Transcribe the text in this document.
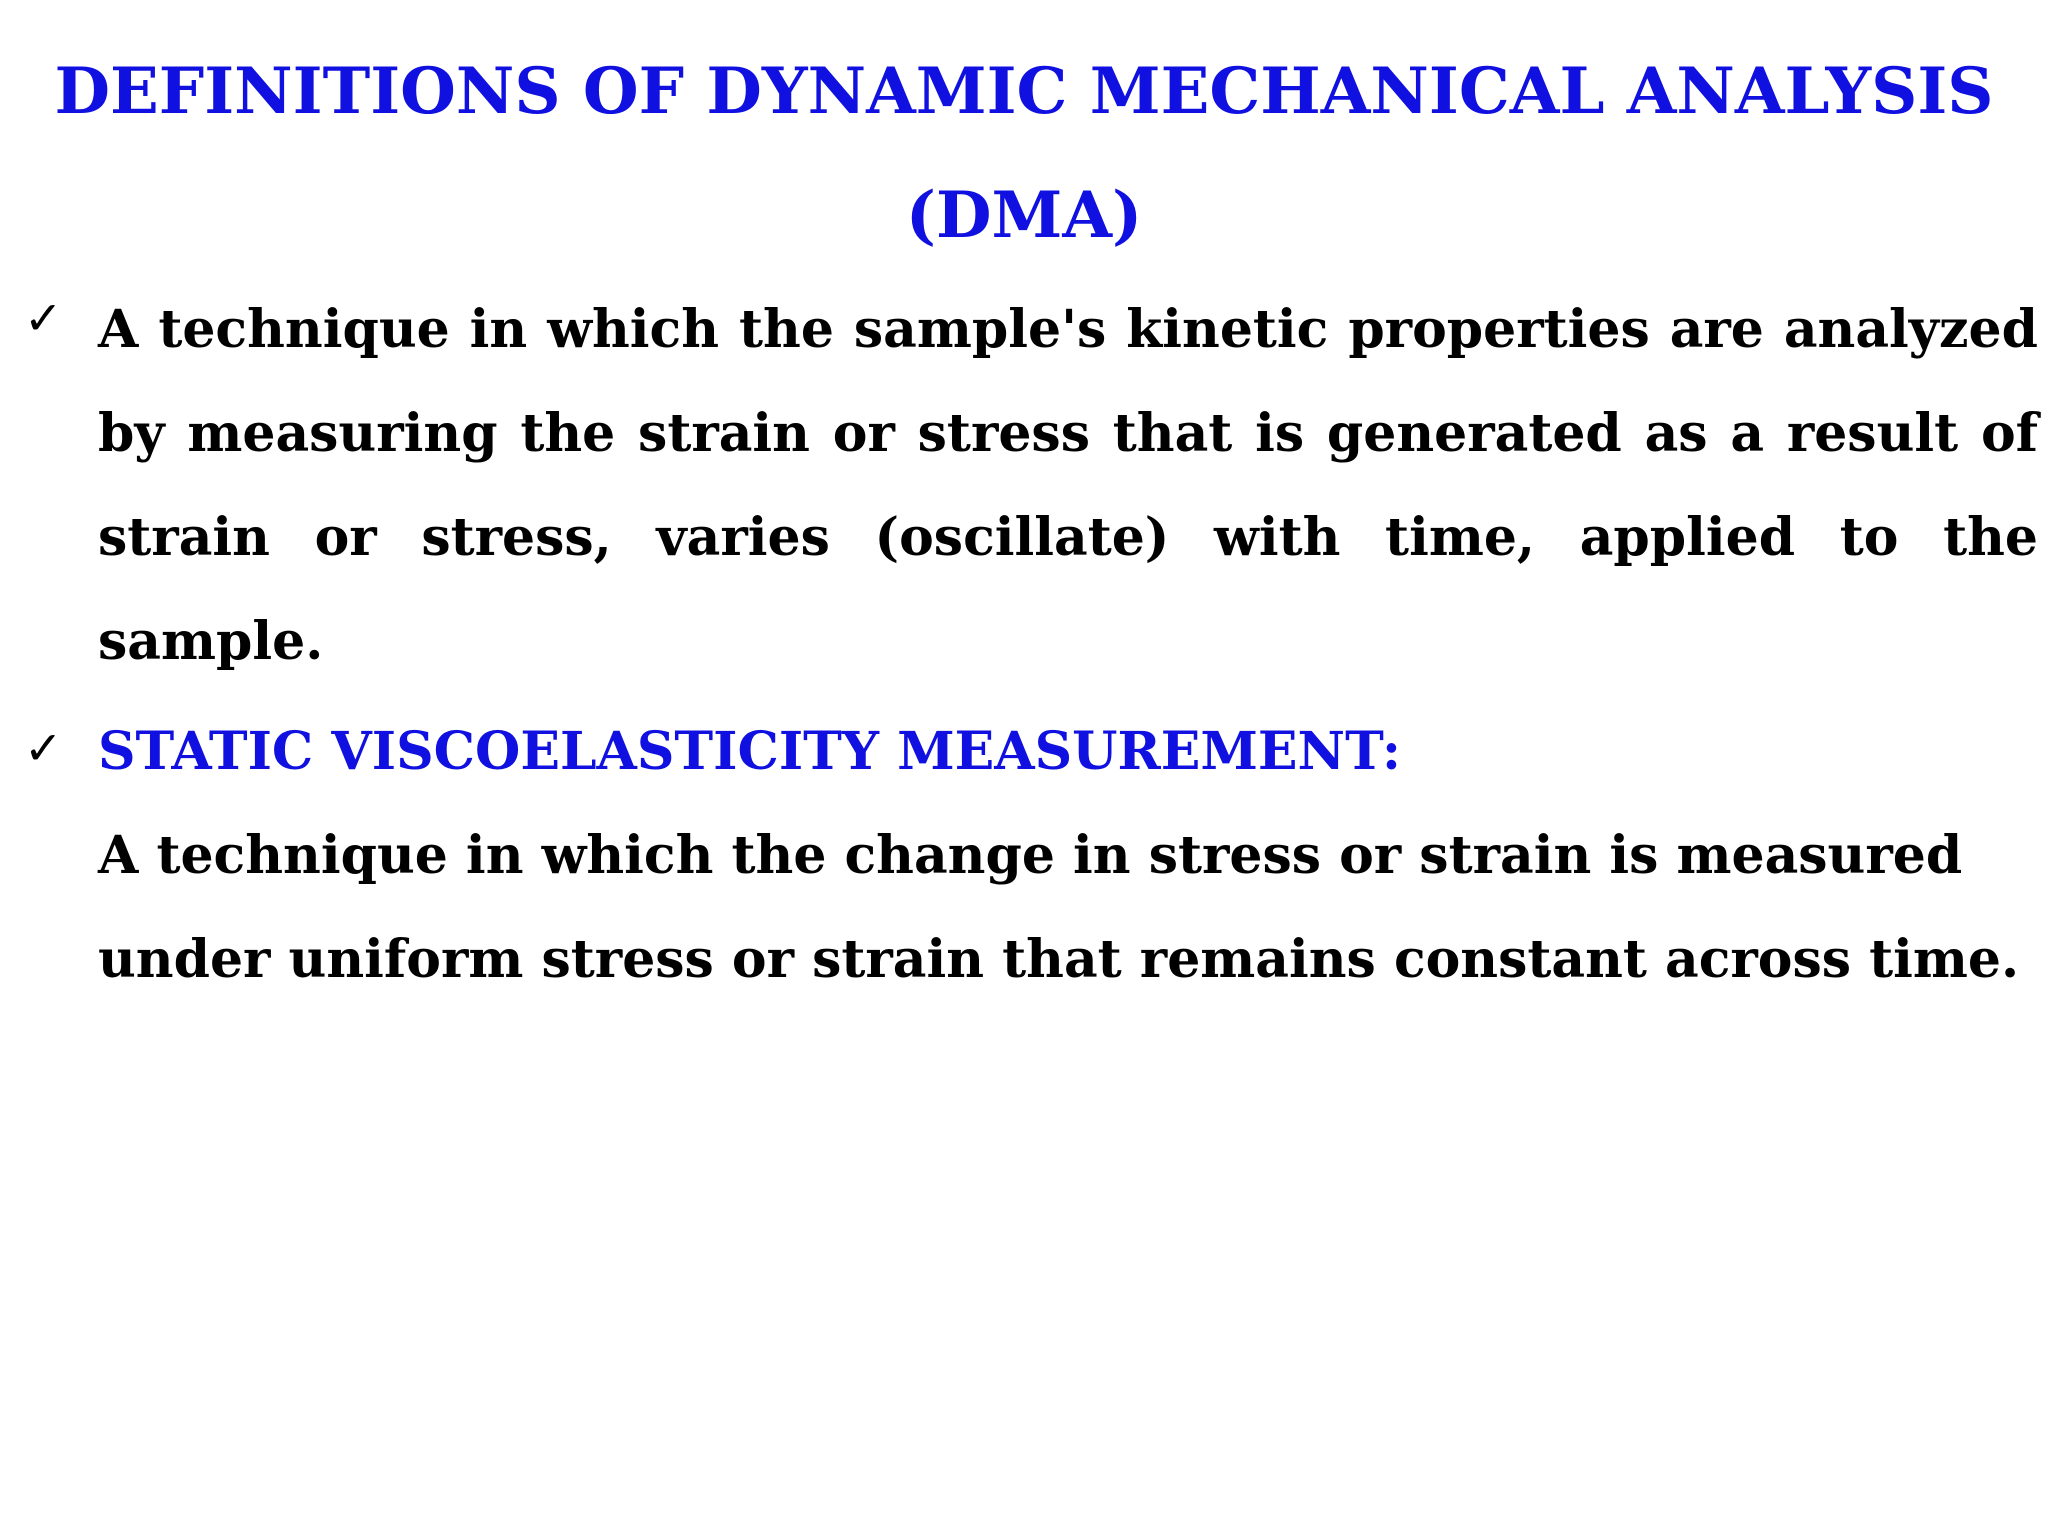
DEFINITIONS OF DYNAMIC MECHANICAL ANALYSIS
(DMA)
✓ A technique in which the sample's kinetic properties are analyzed by measuring the strain or stress that is generated as a result of strain or stress, varies (oscillate) with time, applied to the sample.

✓ STATIC VISCOELASTICITY MEASUREMENT:

A technique in which the change in stress or strain is measured under uniform stress or strain that remains constant across time.
